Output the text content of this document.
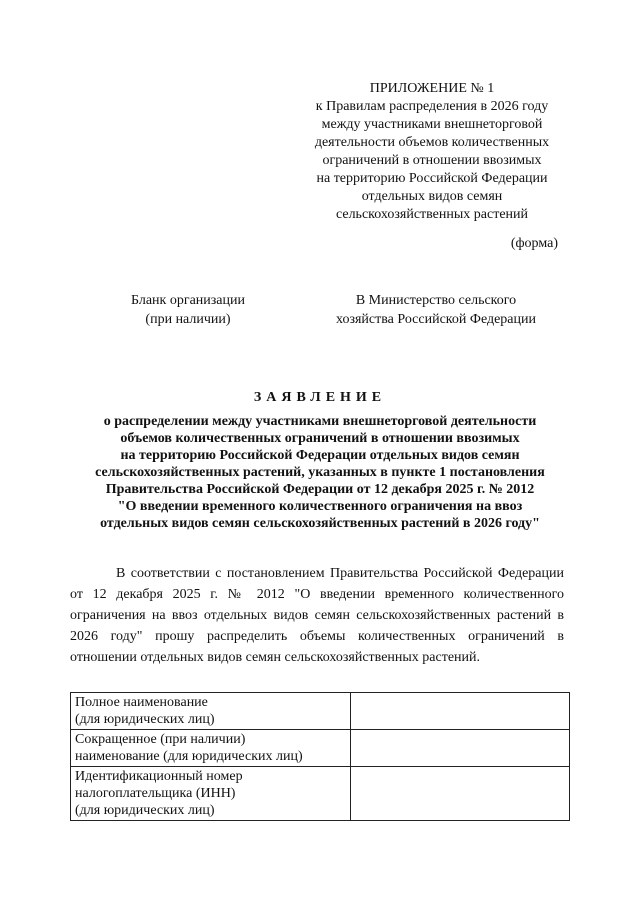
ПРИЛОЖЕНИЕ № 1
к Правилам распределения в 2026 году
между участниками внешнеторговой
деятельности объемов количественных
ограничений в отношении ввозимых
на территорию Российской Федерации
отдельных видов семян
сельскохозяйственных растений
(форма)
Бланк организации
(при наличии)
В Министерство сельского
хозяйства Российской Федерации
ЗАЯВЛЕНИЕ
о распределении между участниками внешнеторговой деятельности
объемов количественных ограничений в отношении ввозимых
на территорию Российской Федерации отдельных видов семян
сельскохозяйственных растений, указанных в пункте 1 постановления
Правительства Российской Федерации от 12 декабря 2025 г. № 2012
"О введении временного количественного ограничения на ввоз
отдельных видов семян сельскохозяйственных растений в 2026 году"

В соответствии с постановлением Правительства Российской Федерации от 12 декабря 2025 г. № 2012 "О введении временного количественного ограничения на ввоз отдельных видов семян сельскохозяйственных растений в 2026 году" прошу распределить объемы количественных ограничений в отношении отдельных видов семян сельскохозяйственных растений.

Полное наименование
(для юридических лиц)	

Сокращенное (при наличии)
наименование (для юридических лиц)	

Идентификационный номер
налогоплательщика (ИНН)
(для юридических лиц)	
